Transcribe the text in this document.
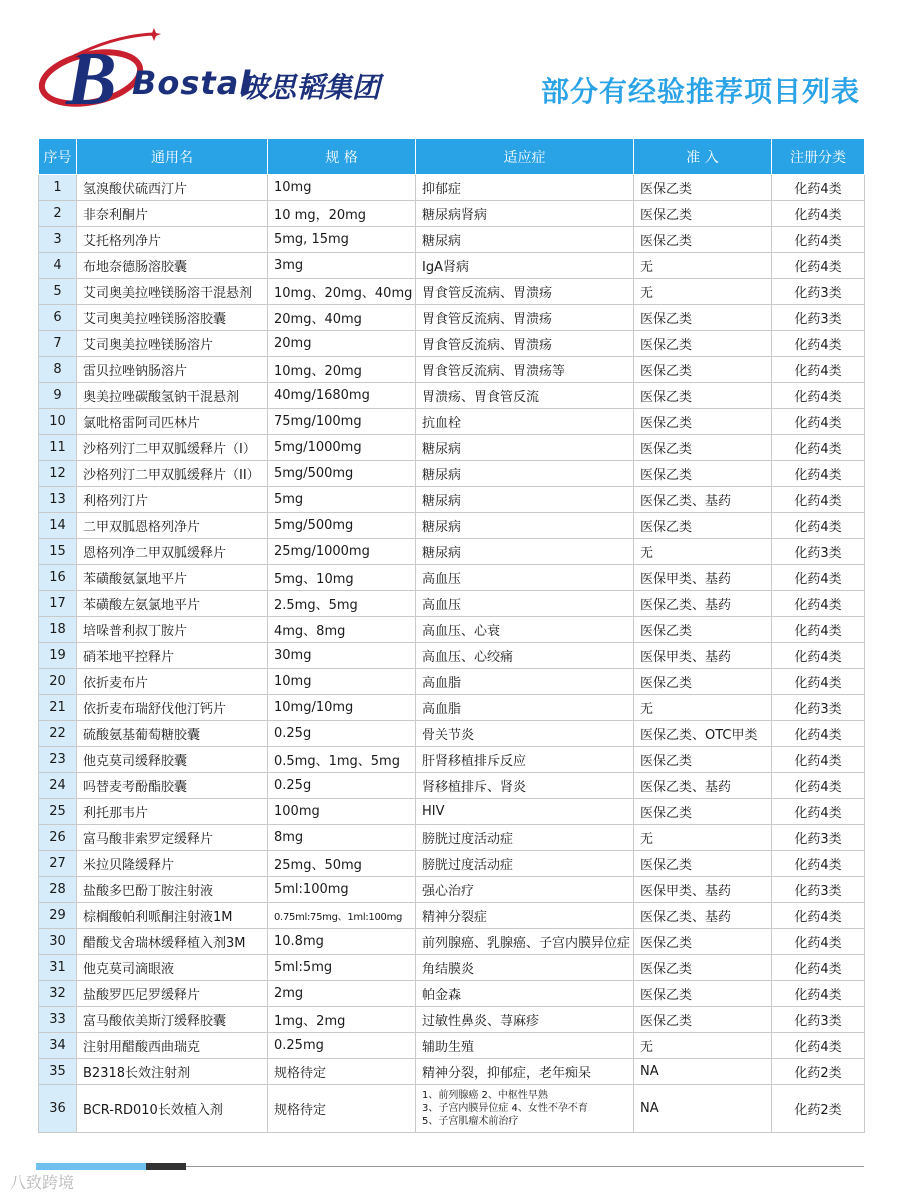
B Bostal
玻思韬集团	部分有经验推荐项目列表
序号	通用名	规 格	适应症	准 入	注册分类
1	氢溴酸伏硫西汀片	10mg	抑郁症	医保乙类	化药4类
2	非奈利酮片	10 mg，20mg	糖尿病肾病	医保乙类	化药4类
3	艾托格列净片	5mg, 15mg	糖尿病	医保乙类	化药4类
4	布地奈德肠溶胶囊	3mg	IgA肾病	无	化药4类
5	艾司奥美拉唑镁肠溶干混悬剂	10mg、20mg、40mg	胃食管反流病、胃溃疡	无	化药3类
6	艾司奥美拉唑镁肠溶胶囊	20mg、40mg	胃食管反流病、胃溃疡	医保乙类	化药3类
7	艾司奥美拉唑镁肠溶片	20mg	胃食管反流病、胃溃疡	医保乙类	化药4类
8	雷贝拉唑钠肠溶片	10mg、20mg	胃食管反流病、胃溃疡等	医保乙类	化药4类
9	奥美拉唑碳酸氢钠干混悬剂	40mg/1680mg	胃溃疡、胃食管反流	医保乙类	化药4类
10	氯吡格雷阿司匹林片	75mg/100mg	抗血栓	医保乙类	化药4类
11	沙格列汀二甲双胍缓释片（I）	5mg/1000mg	糖尿病	医保乙类	化药4类
12	沙格列汀二甲双胍缓释片（II）	5mg/500mg	糖尿病	医保乙类	化药4类
13	利格列汀片	5mg	糖尿病	医保乙类、基药	化药4类
14	二甲双胍恩格列净片	5mg/500mg	糖尿病	医保乙类	化药4类
15	恩格列净二甲双胍缓释片	25mg/1000mg	糖尿病	无	化药3类
16	苯磺酸氨氯地平片	5mg、10mg	高血压	医保甲类、基药	化药4类
17	苯磺酸左氨氯地平片	2.5mg、5mg	高血压	医保乙类、基药	化药4类
18	培哚普利叔丁胺片	4mg、8mg	高血压、心衰	医保乙类	化药4类
19	硝苯地平控释片	30mg	高血压、心绞痛	医保甲类、基药	化药4类
20	依折麦布片	10mg	高血脂	医保乙类	化药4类
21	依折麦布瑞舒伐他汀钙片	10mg/10mg	高血脂	无	化药3类
22	硫酸氨基葡萄糖胶囊	0.25g	骨关节炎	医保乙类、OTC甲类	化药4类
23	他克莫司缓释胶囊	0.5mg、1mg、5mg	肝肾移植排斥反应	医保乙类	化药4类
24	吗替麦考酚酯胶囊	0.25g	肾移植排斥、肾炎	医保乙类、基药	化药4类
25	利托那韦片	100mg	HIV	医保乙类	化药4类
26	富马酸非索罗定缓释片	8mg	膀胱过度活动症	无	化药3类
27	米拉贝隆缓释片	25mg、50mg	膀胱过度活动症	医保乙类	化药4类
28	盐酸多巴酚丁胺注射液	5ml:100mg	强心治疗	医保甲类、基药	化药3类
29	棕榈酸帕利哌酮注射液1M	0.75ml:75mg、1ml:100mg	精神分裂症	医保乙类、基药	化药4类
30	醋酸戈舍瑞林缓释植入剂3M	10.8mg	前列腺癌、乳腺癌、子宫内膜异位症	医保乙类	化药4类
31	他克莫司滴眼液	5ml:5mg	角结膜炎	医保乙类	化药4类
32	盐酸罗匹尼罗缓释片	2mg	帕金森	医保乙类	化药4类
33	富马酸依美斯汀缓释胶囊	1mg、2mg	过敏性鼻炎、荨麻疹	医保乙类	化药3类
34	注射用醋酸西曲瑞克	0.25mg	辅助生殖	无	化药4类
35	B2318长效注射剂	规格待定	精神分裂，抑郁症，老年痴呆	NA	化药2类
36	BCR-RD010长效植入剂	规格待定	1、前列腺癌 2、中枢性早熟
3、子宫内膜异位症 4、女性不孕不育
5、子宫肌瘤术前治疗	NA	化药2类
八致跨境
